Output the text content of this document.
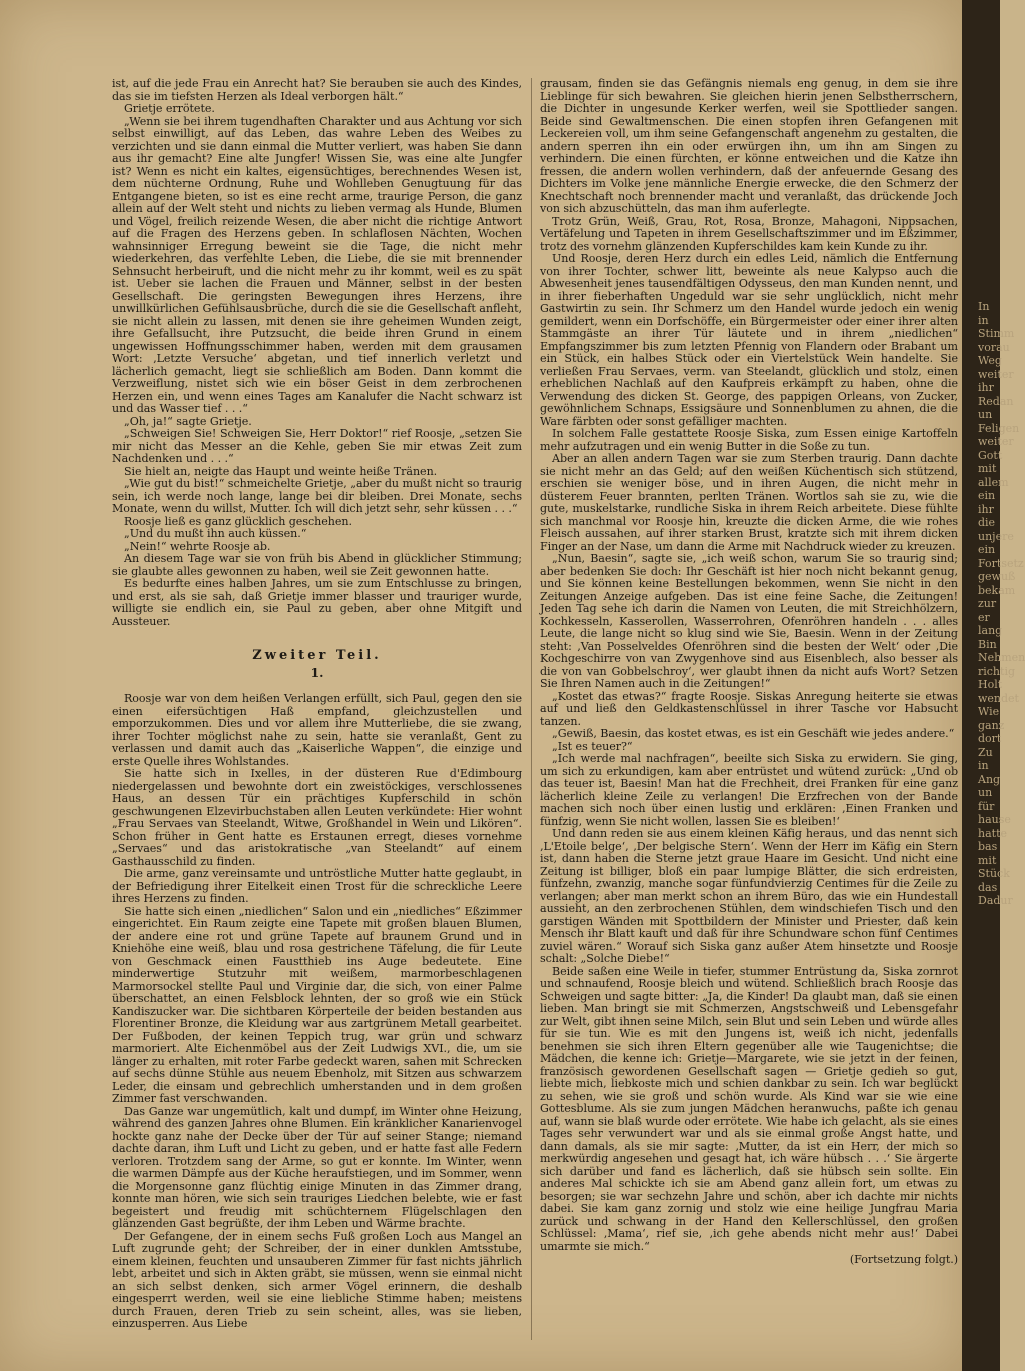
In
in
Stimm
vorau
Weg
weiter
ihr
Redan
un
Feligen
weiter
Gott
mit
allem
ein
ihr
die
unjere
ein
Fortsetz
gewuß
bekam
zur
er
lang
Bin
Nehmen
richtig
Holt
wendet
Wie
ganz
dort
Zu
in
Ang
un
für
hause
hatte
bas
mit
Stück
das
Dadur

ist, auf die jede Frau ein Anrecht hat? Sie berauben sie auch des Kindes, das sie im tiefsten Herzen als Ideal verborgen hält.“

Grietje errötete.

„Wenn sie bei ihrem tugendhaften Charakter und aus Achtung vor sich selbst einwilligt, auf das Leben, das wahre Leben des Weibes zu verzichten und sie dann einmal die Mutter verliert, was haben Sie dann aus ihr gemacht? Eine alte Jungfer! Wissen Sie, was eine alte Jungfer ist? Wenn es nicht ein kaltes, eigensüchtiges, berechnendes Wesen ist, dem nüchterne Ordnung, Ruhe und Wohlleben Genugtuung für das Entgangene bieten, so ist es eine recht arme, traurige Person, die ganz allein auf der Welt steht und nichts zu lieben vermag als Hunde, Blumen und Vögel, freilich reizende Wesen, die aber nicht die richtige Antwort auf die Fragen des Herzens geben. In schlaflosen Nächten, Wochen wahnsinniger Erregung beweint sie die Tage, die nicht mehr wiederkehren, das verfehlte Leben, die Liebe, die sie mit brennender Sehnsucht herbeiruft, und die nicht mehr zu ihr kommt, weil es zu spät ist. Ueber sie lachen die Frauen und Männer, selbst in der besten Gesellschaft. Die geringsten Bewegungen ihres Herzens, ihre unwillkürlichen Gefühlsausbrüche, durch die sie die Gesellschaft anfleht, sie nicht allein zu lassen, mit denen sie ihre geheimen Wunden zeigt, ihre Gefallsucht, ihre Putzsucht, die beide ihren Grund in einem ungewissen Hoffnungsschimmer haben, werden mit dem grausamen Wort: ‚Letzte Versuche‘ abgetan, und tief innerlich verletzt und lächerlich gemacht, liegt sie schließlich am Boden. Dann kommt die Verzweiflung, nistet sich wie ein böser Geist in dem zerbrochenen Herzen ein, und wenn eines Tages am Kanalufer die Nacht schwarz ist und das Wasser tief . . .“

„Oh, ja!“ sagte Grietje.

„Schweigen Sie! Schweigen Sie, Herr Doktor!“ rief Roosje, „setzen Sie mir nicht das Messer an die Kehle, geben Sie mir etwas Zeit zum Nachdenken und . . .“

Sie hielt an, neigte das Haupt und weinte heiße Tränen.

„Wie gut du bist!“ schmeichelte Grietje, „aber du mußt nicht so traurig sein, ich werde noch lange, lange bei dir bleiben. Drei Monate, sechs Monate, wenn du willst, Mutter. Ich will dich jetzt sehr, sehr küssen . . .“

Roosje ließ es ganz glücklich geschehen.

„Und du mußt ihn auch küssen.“

„Nein!“ wehrte Roosje ab.

An diesem Tage war sie von früh bis Abend in glücklicher Stimmung; sie glaubte alles gewonnen zu haben, weil sie Zeit gewonnen hatte.

Es bedurfte eines halben Jahres, um sie zum Entschlusse zu bringen, und erst, als sie sah, daß Grietje immer blasser und trauriger wurde, willigte sie endlich ein, sie Paul zu geben, aber ohne Mitgift und Aussteuer.

Zweiter Teil.
1.

Roosje war von dem heißen Verlangen erfüllt, sich Paul, gegen den sie einen eifersüchtigen Haß empfand, gleichzustellen und emporzukommen. Dies und vor allem ihre Mutterliebe, die sie zwang, ihrer Tochter möglichst nahe zu sein, hatte sie veranlaßt, Gent zu verlassen und damit auch das „Kaiserliche Wappen“, die einzige und erste Quelle ihres Wohlstandes.

Sie hatte sich in Ixelles, in der düsteren Rue d'Edimbourg niedergelassen und bewohnte dort ein zweistöckiges, verschlossenes Haus, an dessen Tür ein prächtiges Kupferschild in schön geschwungenen Elzevirbuchstaben allen Leuten verkündete: Hier wohnt „Frau Servaes van Steelandt, Witwe, Großhandel in Wein und Likören“. Schon früher in Gent hatte es Erstaunen erregt, dieses vornehme „Servaes“ und das aristokratische „van Steelandt“ auf einem Gasthausschild zu finden.

Die arme, ganz vereinsamte und untröstliche Mutter hatte geglaubt, in der Befriedigung ihrer Eitelkeit einen Trost für die schreckliche Leere ihres Herzens zu finden.

Sie hatte sich einen „niedlichen“ Salon und ein „niedliches“ Eßzimmer eingerichtet. Ein Raum zeigte eine Tapete mit großen blauen Blumen, der andere eine rot und grüne Tapete auf braunem Grund und in Kniehöhe eine weiß, blau und rosa gestrichene Täfelung, die für Leute von Geschmack einen Faustthieb ins Auge bedeutete. Eine minderwertige Stutzuhr mit weißem, marmorbeschlagenen Marmorsockel stellte Paul und Virginie dar, die sich, von einer Palme überschattet, an einen Felsblock lehnten, der so groß wie ein Stück Kandiszucker war. Die sichtbaren Körperteile der beiden bestanden aus Florentiner Bronze, die Kleidung war aus zartgrünem Metall gearbeitet. Der Fußboden, der keinen Teppich trug, war grün und schwarz marmoriert. Alte Eichenmöbel aus der Zeit Ludwigs XVI., die, um sie länger zu erhalten, mit roter Farbe gedeckt waren, sahen mit Schrecken auf sechs dünne Stühle aus neuem Ebenholz, mit Sitzen aus schwarzem Leder, die einsam und gebrechlich umherstanden und in dem großen Zimmer fast verschwanden.

Das Ganze war ungemütlich, kalt und dumpf, im Winter ohne Heizung, während des ganzen Jahres ohne Blumen. Ein kränklicher Kanarienvogel hockte ganz nahe der Decke über der Tür auf seiner Stange; niemand dachte daran, ihm Luft und Licht zu geben, und er hatte fast alle Federn verloren. Trotzdem sang der Arme, so gut er konnte. Im Winter, wenn die warmen Dämpfe aus der Küche heraufstiegen, und im Sommer, wenn die Morgensonne ganz flüchtig einige Minuten in das Zimmer drang, konnte man hören, wie sich sein trauriges Liedchen belebte, wie er fast begeistert und freudig mit schüchternem Flügelschlagen den glänzenden Gast begrüßte, der ihm Leben und Wärme brachte.

Der Gefangene, der in einem sechs Fuß großen Loch aus Mangel an Luft zugrunde geht; der Schreiber, der in einer dunklen Amtsstube, einem kleinen, feuchten und unsauberen Zimmer für fast nichts jährlich lebt, arbeitet und sich in Akten gräbt, sie müssen, wenn sie einmal nicht an sich selbst denken, sich armer Vögel erinnern, die deshalb eingesperrt werden, weil sie eine liebliche Stimme haben; meistens durch Frauen, deren Trieb zu sein scheint, alles, was sie lieben, einzusperren. Aus Liebe

grausam, finden sie das Gefängnis niemals eng genug, in dem sie ihre Lieblinge für sich bewahren. Sie gleichen hierin jenen Selbstherrschern, die Dichter in ungesunde Kerker werfen, weil sie Spottlieder sangen. Beide sind Gewaltmenschen. Die einen stopfen ihren Gefangenen mit Leckereien voll, um ihm seine Gefangenschaft angenehm zu gestalten, die andern sperren ihn ein oder erwürgen ihn, um ihn am Singen zu verhindern. Die einen fürchten, er könne entweichen und die Katze ihn fressen, die andern wollen verhindern, daß der anfeuernde Gesang des Dichters im Volke jene männliche Energie erwecke, die den Schmerz der Knechtschaft noch brennender macht und veranlaßt, das drückende Joch von sich abzuschütteln, das man ihm auferlegte.

Trotz Grün, Weiß, Grau, Rot, Rosa, Bronze, Mahagoni, Nippsachen, Vertäfelung und Tapeten in ihrem Gesellschaftszimmer und im Eßzimmer, trotz des vornehm glänzenden Kupferschildes kam kein Kunde zu ihr.

Und Roosje, deren Herz durch ein edles Leid, nämlich die Entfernung von ihrer Tochter, schwer litt, beweinte als neue Kalypso auch die Abwesenheit jenes tausendfältigen Odysseus, den man Kunden nennt, und in ihrer fieberhaften Ungeduld war sie sehr unglücklich, nicht mehr Gastwirtin zu sein. Ihr Schmerz um den Handel wurde jedoch ein wenig gemildert, wenn ein Dorfschöffe, ein Bürgermeister oder einer ihrer alten Stammgäste an ihrer Tür läutete und in ihrem „niedlichen“ Empfangszimmer bis zum letzten Pfennig von Flandern oder Brabant um ein Stück, ein halbes Stück oder ein Viertelstück Wein handelte. Sie verließen Frau Servaes, verm. van Steelandt, glücklich und stolz, einen erheblichen Nachlaß auf den Kaufpreis erkämpft zu haben, ohne die Verwendung des dicken St. George, des pappigen Orleans, von Zucker, gewöhnlichem Schnaps, Essigsäure und Sonnenblumen zu ahnen, die die Ware färbten oder sonst gefälliger machten.

In solchem Falle gestattete Roosje Siska, zum Essen einige Kartoffeln mehr aufzutragen und ein wenig Butter in die Soße zu tun.

Aber an allen andern Tagen war sie zum Sterben traurig. Dann dachte sie nicht mehr an das Geld; auf den weißen Küchentisch sich stützend, erschien sie weniger böse, und in ihren Augen, die nicht mehr in düsterem Feuer brannten, perlten Tränen. Wortlos sah sie zu, wie die gute, muskelstarke, rundliche Siska in ihrem Reich arbeitete. Diese fühlte sich manchmal vor Roosje hin, kreuzte die dicken Arme, die wie rohes Fleisch aussahen, auf ihrer starken Brust, kratzte sich mit ihrem dicken Finger an der Nase, um dann die Arme mit Nachdruck wieder zu kreuzen.

„Nun, Baesin“, sagte sie, „ich weiß schon, warum Sie so traurig sind; aber bedenken Sie doch: Ihr Geschäft ist hier noch nicht bekannt genug, und Sie können keine Bestellungen bekommen, wenn Sie nicht in den Zeitungen Anzeige aufgeben. Das ist eine feine Sache, die Zeitungen! Jeden Tag sehe ich darin die Namen von Leuten, die mit Streichhölzern, Kochkesseln, Kasserollen, Wasserrohren, Ofenröhren handeln . . . alles Leute, die lange nicht so klug sind wie Sie, Baesin. Wenn in der Zeitung steht: ‚Van Posselveldes Ofenröhren sind die besten der Welt‘ oder ‚Die Kochgeschirre von van Zwygenhove sind aus Eisenblech, also besser als die von van Gobbelschroy‘, wer glaubt ihnen da nicht aufs Wort? Setzen Sie Ihren Namen auch in die Zeitungen!“

„Kostet das etwas?“ fragte Roosje. Siskas Anregung heiterte sie etwas auf und ließ den Geldkastenschlüssel in ihrer Tasche vor Habsucht tanzen.

„Gewiß, Baesin, das kostet etwas, es ist ein Geschäft wie jedes andere.“

„Ist es teuer?“

„Ich werde mal nachfragen“, beeilte sich Siska zu erwidern. Sie ging, um sich zu erkundigen, kam aber entrüstet und wütend zurück: „Und ob das teuer ist, Baesin! Man hat die Frechheit, drei Franken für eine ganz lächerlich kleine Zeile zu verlangen! Die Erzfrechen von der Bande machen sich noch über einen lustig und erklären: ‚Einen Franken und fünfzig, wenn Sie nicht wollen, lassen Sie es bleiben!‘

Und dann reden sie aus einem kleinen Käfig heraus, und das nennt sich ‚L'Etoile belge‘, ‚Der belgische Stern‘. Wenn der Herr im Käfig ein Stern ist, dann haben die Sterne jetzt graue Haare im Gesicht. Und nicht eine Zeitung ist billiger, bloß ein paar lumpige Blätter, die sich erdreisten, fünfzehn, zwanzig, manche sogar fünfundvierzig Centimes für die Zeile zu verlangen; aber man merkt schon an ihrem Büro, das wie ein Hundestall aussieht, an den zerbrochenen Stühlen, dem windschiefen Tisch und den garstigen Wänden mit Spottbildern der Minister und Priester, daß kein Mensch ihr Blatt kauft und daß für ihre Schundware schon fünf Centimes zuviel wären.“ Worauf sich Siska ganz außer Atem hinsetzte und Roosje schalt: „Solche Diebe!“

Beide saßen eine Weile in tiefer, stummer Entrüstung da, Siska zornrot und schnaufend, Roosje bleich und wütend. Schließlich brach Roosje das Schweigen und sagte bitter: „Ja, die Kinder! Da glaubt man, daß sie einen lieben. Man bringt sie mit Schmerzen, Angstschweiß und Lebensgefahr zur Welt, gibt ihnen seine Milch, sein Blut und sein Leben und würde alles für sie tun. Wie es mit den Jungens ist, weiß ich nicht, jedenfalls benehmen sie sich ihren Eltern gegenüber alle wie Taugenichtse; die Mädchen, die kenne ich: Grietje—Margarete, wie sie jetzt in der feinen, französisch gewordenen Gesellschaft sagen — Grietje gedieh so gut, liebte mich, liebkoste mich und schien dankbar zu sein. Ich war beglückt zu sehen, wie sie groß und schön wurde. Als Kind war sie wie eine Gottesblume. Als sie zum jungen Mädchen heranwuchs, paßte ich genau auf, wann sie blaß wurde oder errötete. Wie habe ich gelacht, als sie eines Tages sehr verwundert war und als sie einmal große Angst hatte, und dann damals, als sie mir sagte: ‚Mutter, da ist ein Herr, der mich so merkwürdig angesehen und gesagt hat, ich wäre hübsch . . .‘ Sie ärgerte sich darüber und fand es lächerlich, daß sie hübsch sein sollte. Ein anderes Mal schickte ich sie am Abend ganz allein fort, um etwas zu besorgen; sie war sechzehn Jahre und schön, aber ich dachte mir nichts dabei. Sie kam ganz zornig und stolz wie eine heilige Jungfrau Maria zurück und schwang in der Hand den Kellerschlüssel, den großen Schlüssel: ‚Mama‘, rief sie, ‚ich gehe abends nicht mehr aus!‘ Dabei umarmte sie mich.“

(Fortsetzung folgt.)
